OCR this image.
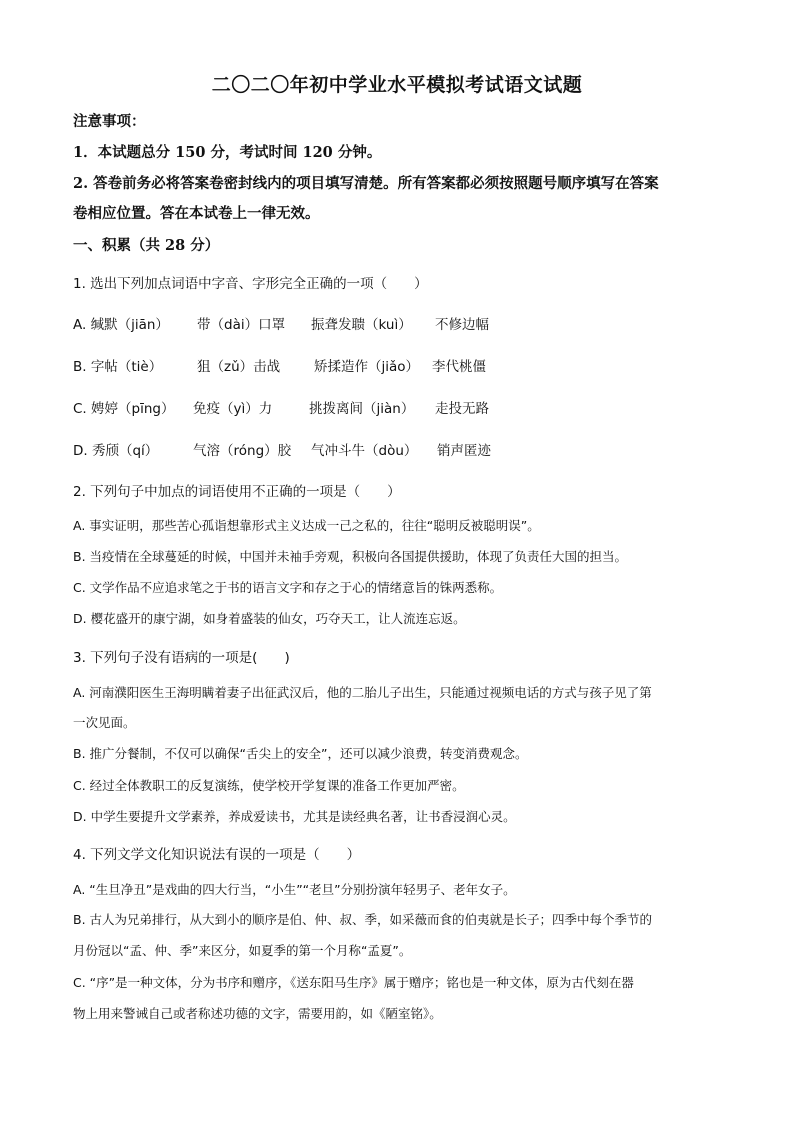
二〇二〇年初中学业水平模拟考试语文试题
注意事项：
1．本试题总分 150 分，考试时间 120 分钟。
2. 答卷前务必将答案卷密封线内的项目填写清楚。所有答案都必须按照题号顺序填写在答案
卷相应位置。答在本试卷上一律无效。
一、积累（共 28 分）
1. 选出下列加点词语中字音、字形完全正确的一项（　　）
A. 缄默（jiān） 带（dài）口罩 振聋发聩（kuì） 不修边幅
B. 字帖（tiè）	狙（zǔ）击战	矫揉造作（jiǎo） 李代桃僵
C. 娉婷（pīng） 免疫（yì）力	挑拨离间（jiàn） 走投无路
D. 秀颀（qí）	气溶（róng）胶 气冲斗牛（dòu） 销声匿迹
2. 下列句子中加点的词语使用不正确的一项是（　　）
A. 事实证明，那些苦心孤诣想靠形式主义达成一己之私的，往往“聪明反被聪明误”。
B. 当疫情在全球蔓延的时候，中国并未袖手旁观，积极向各国提供援助，体现了负责任大国的担当。
C. 文学作品不应追求笔之于书的语言文字和存之于心的情绪意旨的铢两悉称。
D. 樱花盛开的康宁湖，如身着盛装的仙女，巧夺天工，让人流连忘返。
3. 下列句子没有语病的一项是(　　)
A. 河南濮阳医生王海明瞒着妻子出征武汉后，他的二胎儿子出生，只能通过视频电话的方式与孩子见了第
一次见面。
B. 推广分餐制，不仅可以确保“舌尖上的安全”，还可以减少浪费，转变消费观念。
C. 经过全体教职工的反复演练，使学校开学复课的准备工作更加严密。
D. 中学生要提升文学素养，养成爱读书，尤其是读经典名著，让书香浸润心灵。
4. 下列文学文化知识说法有误的一项是（　　）
A. “生旦净丑”是戏曲的四大行当，“小生”“老旦”分别扮演年轻男子、老年女子。
B. 古人为兄弟排行，从大到小的顺序是伯、仲、叔、季，如采薇而食的伯夷就是长子；四季中每个季节的
月份冠以“孟、仲、季”来区分，如夏季的第一个月称“孟夏”。
C. “序”是一种文体，分为书序和赠序，《送东阳马生序》属于赠序；铭也是一种文体，原为古代刻在器
物上用来警诫自己或者称述功德的文字，需要用韵，如《陋室铭》。
